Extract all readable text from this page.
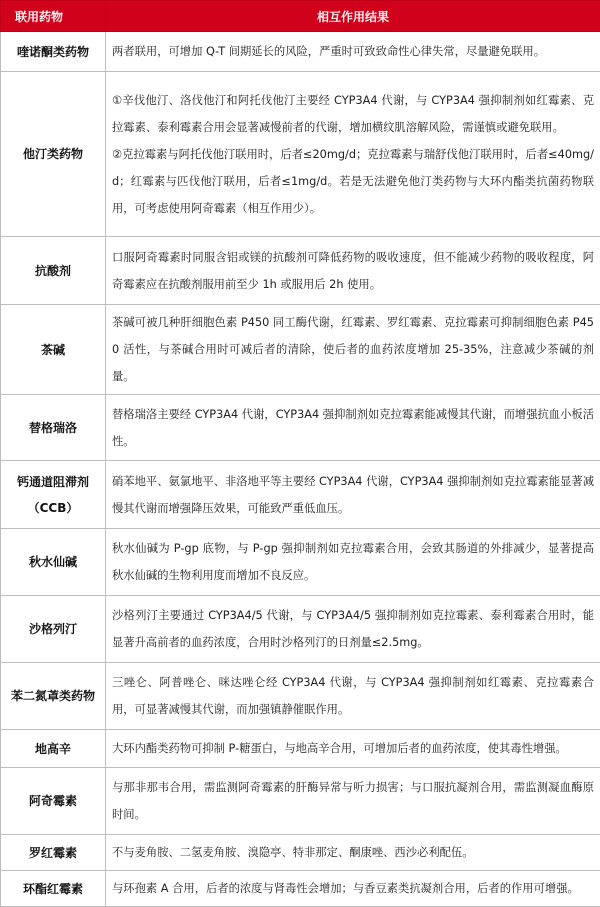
联用药物	相互作用结果
喹诺酮类药物	两者联用，可增加 Q-T 间期延长的风险，严重时可致致命性心律失常，尽量避免联用。
他汀类药物	①辛伐他汀、洛伐他汀和阿托伐他汀主要经 CYP3A4 代谢，与 CYP3A4 强抑制剂如红霉素、克拉霉素、泰利霉素合用会显著减慢前者的代谢，增加横纹肌溶解风险，需谨慎或避免联用。

②克拉霉素与阿托伐他汀联用时，后者≤20mg/d；克拉霉素与瑞舒伐他汀联用时，后者≤40mg/d；红霉素与匹伐他汀联用，后者≤1mg/d。若是无法避免他汀类药物与大环内酯类抗菌药物联用，可考虑使用阿奇霉素（相互作用少）。

抗酸剂	口服阿奇霉素时同服含铝或镁的抗酸剂可降低药物的吸收速度，但不能减少药物的吸收程度，阿奇霉素应在抗酸剂服用前至少 1h 或服用后 2h 使用。
茶碱	茶碱可被几种肝细胞色素 P450 同工酶代谢，红霉素、罗红霉素、克拉霉素可抑制细胞色素 P450 活性，与茶碱合用时可减后者的清除，使后者的血药浓度增加 25-35%，注意减少茶碱的剂量。
替格瑞洛	替格瑞洛主要经 CYP3A4 代谢，CYP3A4 强抑制剂如克拉霉素能减慢其代谢，而增强抗血小板活性。

钙通道阻滞剂
（CCB）	硝苯地平、氨氯地平、非洛地平等主要经 CYP3A4 代谢，CYP3A4 强抑制剂如克拉霉素能显著减慢其代谢而增强降压效果，可能致严重低血压。
秋水仙碱	秋水仙碱为 P-gp 底物，与 P-gp 强抑制剂如克拉霉素合用，会致其肠道的外排减少，显著提高秋水仙碱的生物利用度而增加不良反应。
沙格列汀	沙格列汀主要通过 CYP3A4/5 代谢，与 CYP3A4/5 强抑制剂如克拉霉素、泰利霉素合用时，能显著升高前者的血药浓度，合用时沙格列汀的日剂量≤2.5mg。
苯二氮䓬类药物	三唑仑、阿普唑仑、咪达唑仑经 CYP3A4 代谢，与 CYP3A4 强抑制剂如红霉素、克拉霉素合用，可显著减慢其代谢，而加强镇静催眠作用。
地高辛	大环内酯类药物可抑制 P-糖蛋白，与地高辛合用，可增加后者的血药浓度，使其毒性增强。
阿奇霉素	与那非那韦合用，需监测阿奇霉素的肝酶异常与听力损害；与口服抗凝剂合用，需监测凝血酶原时间。
罗红霉素	不与麦角胺、二氢麦角胺、溴隐亭、特非那定、酮康唑、西沙必利配伍。
环酯红霉素	与环孢素 A 合用，后者的浓度与肾毒性会增加；与香豆素类抗凝剂合用，后者的作用可增强。
